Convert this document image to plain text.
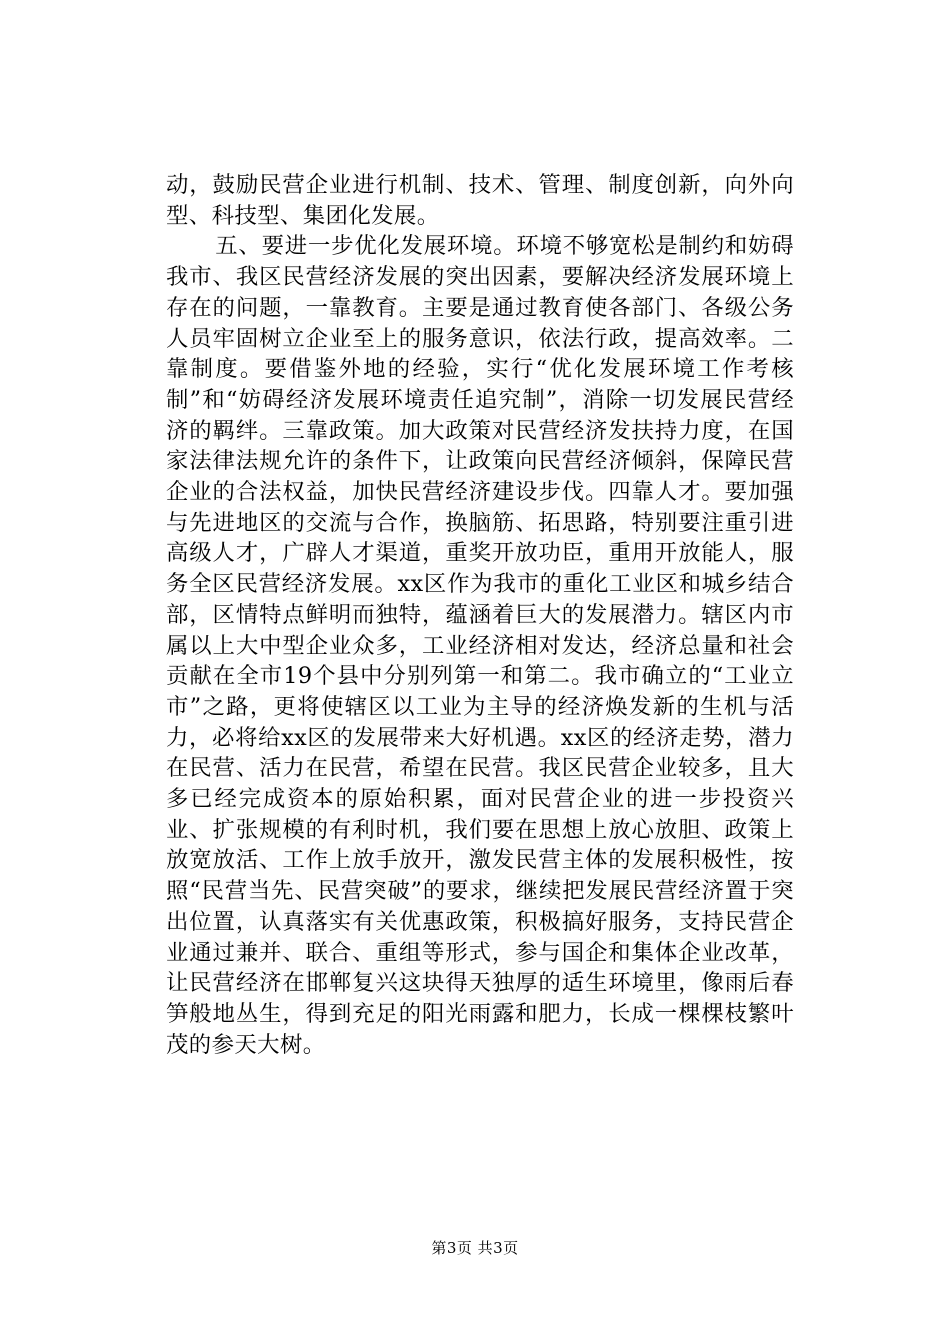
动，鼓励民营企业进行机制、技术、管理、制度创新，向外向型、科技型、集团化发展。

五、要进一步优化发展环境。环境不够宽松是制约和妨碍我市、我区民营经济发展的突出因素，要解决经济发展环境上存在的问题，一靠教育。主要是通过教育使各部门、各级公务人员牢固树立企业至上的服务意识，依法行政，提高效率。二靠制度。要借鉴外地的经验，实行“优化发展环境工作考核制”和“妨碍经济发展环境责任追究制”，消除一切发展民营经济的羁绊。三靠政策。加大政策对民营经济发扶持力度，在国家法律法规允许的条件下，让政策向民营经济倾斜，保障民营企业的合法权益，加快民营经济建设步伐。四靠人才。要加强与先进地区的交流与合作，换脑筋、拓思路，特别要注重引进高级人才，广辟人才渠道，重奖开放功臣，重用开放能人，服务全区民营经济发展。xx区作为我市的重化工业区和城乡结合部，区情特点鲜明而独特，蕴涵着巨大的发展潜力。辖区内市属以上大中型企业众多，工业经济相对发达，经济总量和社会贡献在全市19个县中分别列第一和第二。我市确立的“工业立市”之路，更将使辖区以工业为主导的经济焕发新的生机与活力，必将给xx区的发展带来大好机遇。xx区的经济走势，潜力在民营、活力在民营，希望在民营。我区民营企业较多，且大多已经完成资本的原始积累，面对民营企业的进一步投资兴业、扩张规模的有利时机，我们要在思想上放心放胆、政策上放宽放活、工作上放手放开，激发民营主体的发展积极性，按照“民营当先、民营突破”的要求，继续把发展民营经济置于突出位置，认真落实有关优惠政策，积极搞好服务，支持民营企业通过兼并、联合、重组等形式，参与国企和集体企业改革，让民营经济在邯郸复兴这块得天独厚的适生环境里，像雨后春笋般地丛生，得到充足的阳光雨露和肥力，长成一棵棵枝繁叶茂的参天大树。

第3页 共3页
